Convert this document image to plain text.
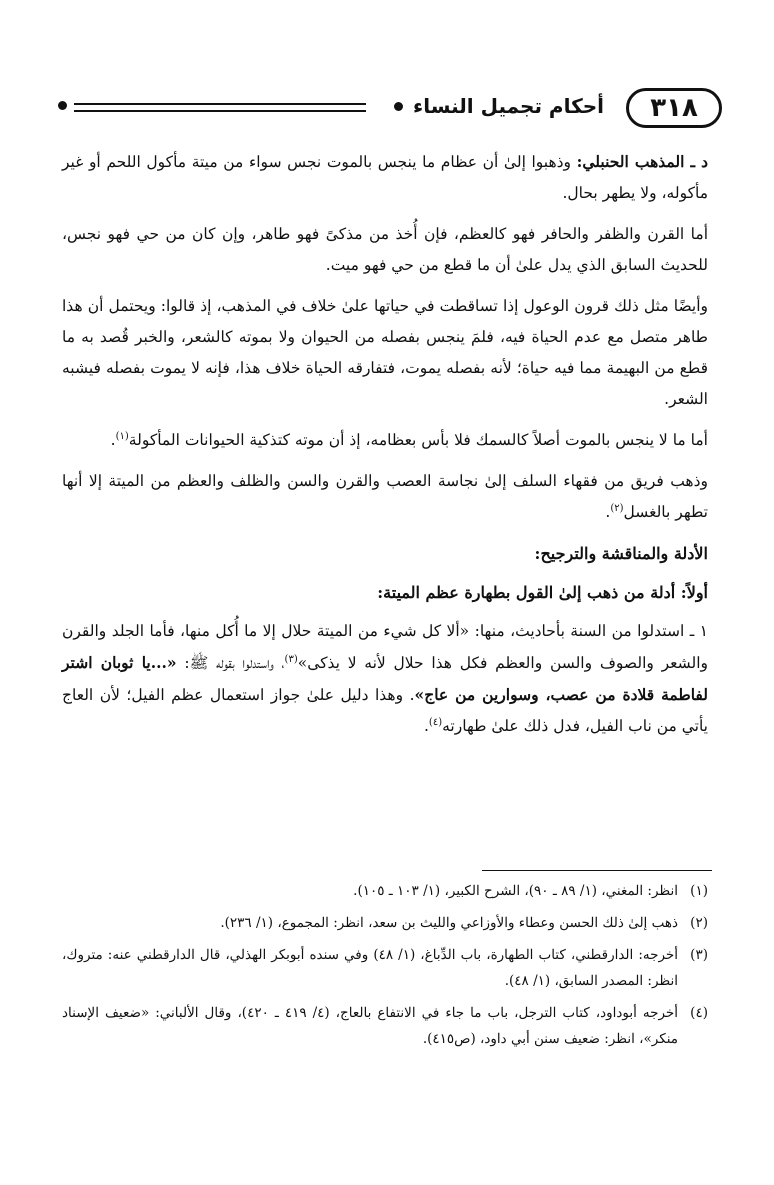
٣١٨
أحكام تجميل النساء
د ـ المذهب الحنبلي: وذهبوا إلىٰ أن عظام ما ينجس بالموت نجس سواء من ميتة مأكول اللحم أو غير مأكوله، ولا يطهر بحال.
أما القرن والظفر والحافر فهو كالعظم، فإن أُخذ من مذكىً فهو طاهر، وإن كان من حي فهو نجس، للحديث السابق الذي يدل علىٰ أن ما قطع من حي فهو ميت.
وأيضًا مثل ذلك قرون الوعول إذا تساقطت في حياتها علىٰ خلاف في المذهب، إذ قالوا: ويحتمل أن هذا طاهر متصل مع عدم الحياة فيه، فلمَ ينجس بفصله من الحيوان ولا بموته كالشعر، والخبر قُصد به ما قطع من البهيمة مما فيه حياة؛ لأنه بفصله يموت، فتفارقه الحياة خلاف هذا، فإنه لا يموت بفصله فيشبه الشعر.
أما ما لا ينجس بالموت أصلاً كالسمك فلا بأس بعظامه، إذ أن موته كتذكية الحيوانات المأكولة$^{(١)}$.
وذهب فريق من فقهاء السلف إلىٰ نجاسة العصب والقرن والسن والظلف والعظم من الميتة إلا أنها تطهر بالغسل$^{(٢)}$.
الأدلة والمناقشة والترجيح:
أولاً: أدلة من ذهب إلىٰ القول بطهارة عظم الميتة:
١ ـ استدلوا من السنة بأحاديث، منها: «ألا كل شيء من الميتة حلال إلا ما أُكل منها، فأما الجلد والقرن والشعر والصوف والسن والعظم فكل هذا حلال لأنه لا يذكى»$^{(٣)}$، واستدلوا بقوله ﷺ: «...يا ثوبان اشتر لفاطمة قلادة من عصب، وسوارين من عاج». وهذا دليل علىٰ جواز استعمال عظم الفيل؛ لأن العاج يأتي من ناب الفيل، فدل ذلك علىٰ طهارته$^{(٤)}$.
(١)
انظر: المغني، (١/ ٨٩ ـ ٩٠)، الشرح الكبير، (١/ ١٠٣ ـ ١٠٥).
(٢)
ذهب إلىٰ ذلك الحسن وعطاء والأوزاعي والليث بن سعد، انظر: المجموع، (١/ ٢٣٦).
(٣)
أخرجه: الدارقطني، كتاب الطهارة، باب الدِّباغ، (١/ ٤٨) وفي سنده أبوبكر الهذلي، قال الدارقطني عنه: متروك، انظر: المصدر السابق، (١/ ٤٨).
(٤)
أخرجه أبوداود، كتاب الترجل، باب ما جاء في الانتفاع بالعاج، (٤/ ٤١٩ ـ ٤٢٠)، وقال الألباني: «ضعيف الإسناد منكر»، انظر: ضعيف سنن أبي داود، (ص٤١٥).
